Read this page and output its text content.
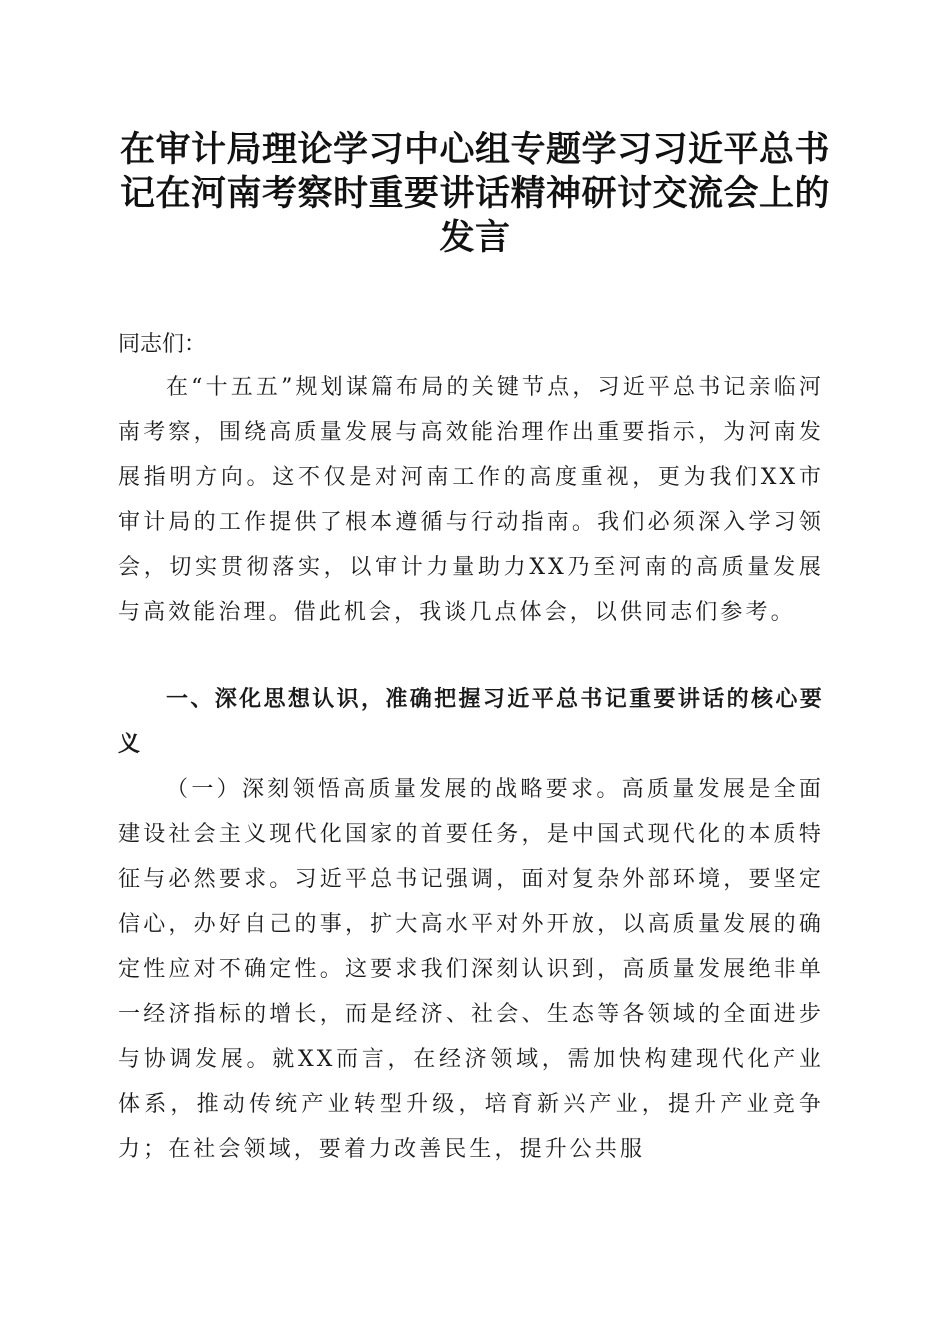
在审计局理论学习中心组专题学习习近平总书记在河南考察时重要讲话精神研讨交流会上的发言

同志们：

在“十五五”规划谋篇布局的关键节点，习近平总书记亲临河南考察，围绕高质量发展与高效能治理作出重要指示，为河南发展指明方向。这不仅是对河南工作的高度重视，更为我们XX市审计局的工作提供了根本遵循与行动指南。我们必须深入学习领会，切实贯彻落实，以审计力量助力XX乃至河南的高质量发展与高效能治理。借此机会，我谈几点体会，以供同志们参考。

一、深化思想认识，准确把握习近平总书记重要讲话的核心要义

（一）深刻领悟高质量发展的战略要求。高质量发展是全面建设社会主义现代化国家的首要任务，是中国式现代化的本质特征与必然要求。习近平总书记强调，面对复杂外部环境，要坚定信心，办好自己的事，扩大高水平对外开放，以高质量发展的确定性应对不确定性。这要求我们深刻认识到，高质量发展绝非单一经济指标的增长，而是经济、社会、生态等各领域的全面进步与协调发展。就XX而言，在经济领域，需加快构建现代化产业体系，推动传统产业转型升级，培育新兴产业，提升产业竞争力；在社会领域，要着力改善民生，提升公共服
